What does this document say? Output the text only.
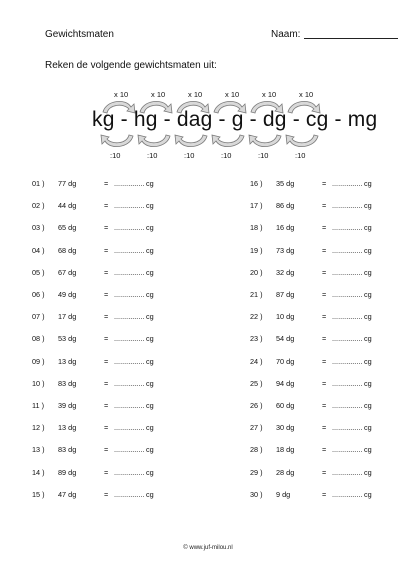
Gewichtsmaten	Naam:
Reken de volgende gewichtsmaten uit:
x 10
:10
x 10
:10
x 10
:10
x 10
:10
x 10
:10
x 10
:10
kg - hg - dag - g - dg - cg - mg
01 ) 77 dg	= ............... cg
02 ) 44 dg	= ............... cg
03 ) 65 dg	= ............... cg
04 ) 68 dg	= ............... cg
05 ) 67 dg	= ............... cg
06 ) 49 dg	= ............... cg
07 ) 17 dg	= ............... cg
08 ) 53 dg	= ............... cg
09 ) 13 dg	= ............... cg
10 ) 83 dg	= ............... cg
11 ) 39 dg	= ............... cg
12 ) 13 dg	= ............... cg
13 ) 83 dg	= ............... cg
14 ) 89 dg	= ............... cg
15 ) 47 dg	= ............... cg
16 ) 35 dg	= ............... cg
17 ) 86 dg	= ............... cg
18 ) 16 dg	= ............... cg
19 ) 73 dg	= ............... cg
20 ) 32 dg	= ............... cg
21 ) 87 dg	= ............... cg
22 ) 10 dg	= ............... cg
23 ) 54 dg	= ............... cg
24 ) 70 dg	= ............... cg
25 ) 94 dg	= ............... cg
26 ) 60 dg	= ............... cg
27 ) 30 dg	= ............... cg
28 ) 18 dg	= ............... cg
29 ) 28 dg	= ............... cg
30 ) 9 dg	= ............... cg
© www.juf-milou.nl
